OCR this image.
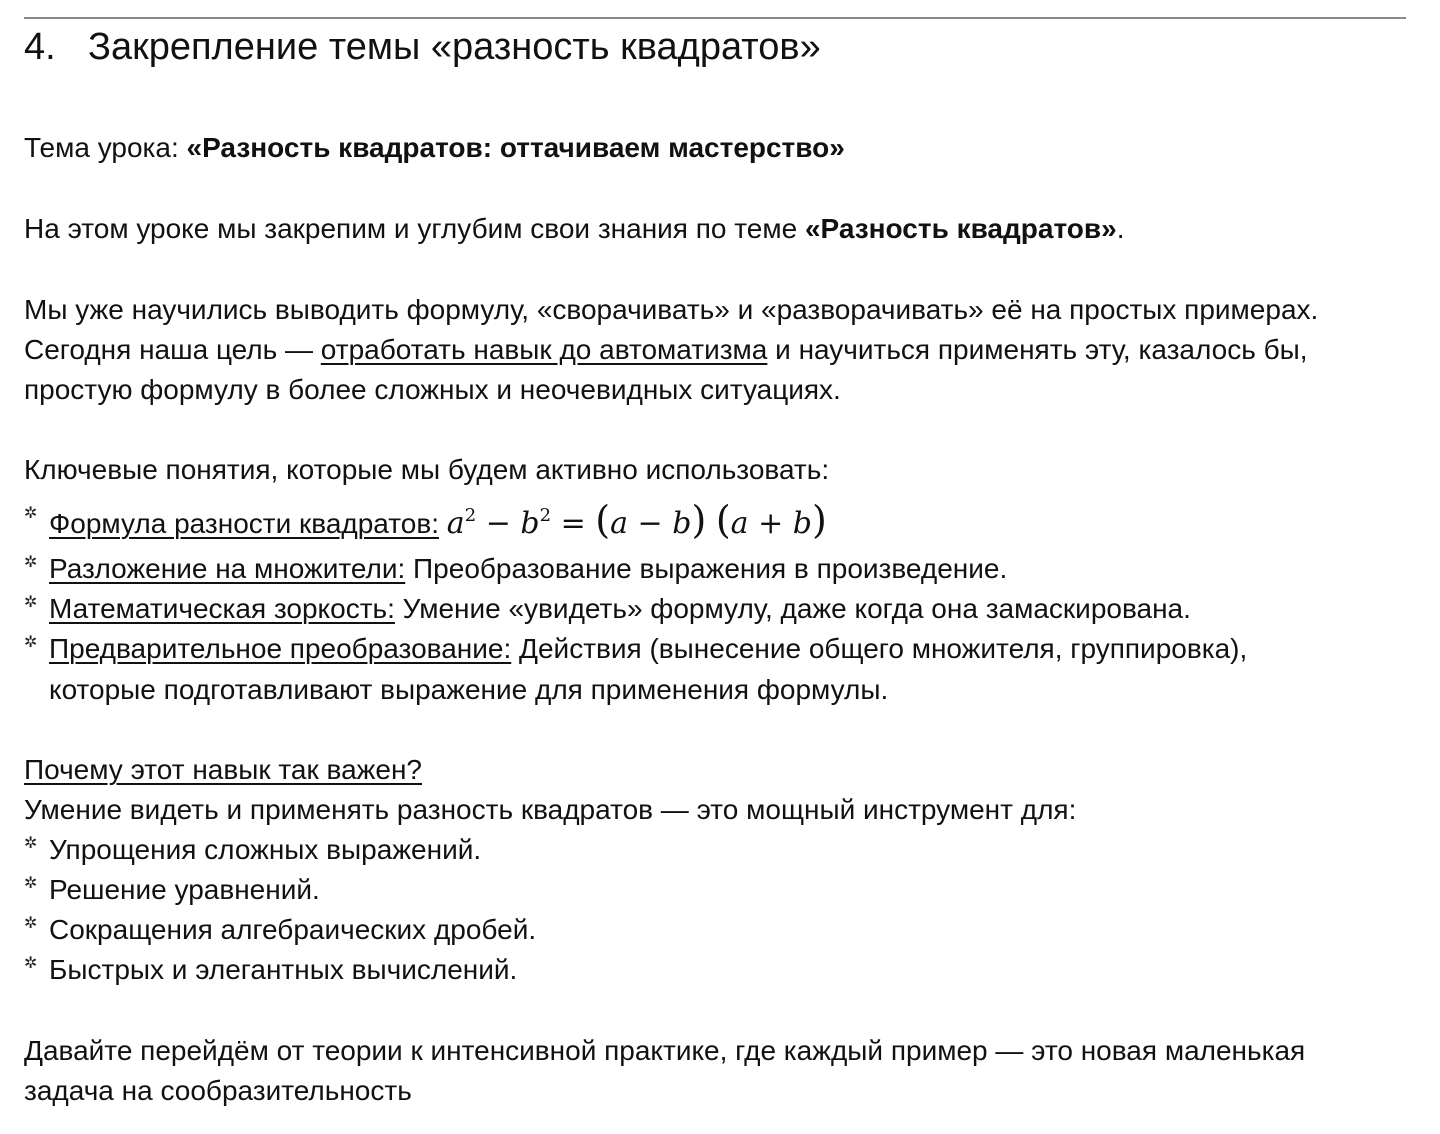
4. Закрепление темы «разность квадратов»
Тема урока: «Разность квадратов: оттачиваем мастерство»
На этом уроке мы закрепим и углубим свои знания по теме «Разность квадратов».
Мы уже научились выводить формулу, «сворачивать» и «разворачивать» её на простых примерах.
Сегодня наша цель — отработать навык до автоматизма и научиться применять эту, казалось бы,
простую формулу в более сложных и неочевидных ситуациях.
Ключевые понятия, которые мы будем активно использовать:
✲ Формула разности квадратов: $a^2 - b^2 = (a - b) (a + b)$
✲ Разложение на множители: Преобразование выражения в произведение.
✲ Математическая зоркость: Умение «увидеть» формулу, даже когда она замаскирована.
✲ Предварительное преобразование: Действия (вынесение общего множителя, группировка),
которые подготавливают выражение для применения формулы.
Почему этот навык так важен?
Умение видеть и применять разность квадратов — это мощный инструмент для:
✲ Упрощения сложных выражений.
✲ Решение уравнений.
✲ Сокращения алгебраических дробей.
✲ Быстрых и элегантных вычислений.
Давайте перейдём от теории к интенсивной практике, где каждый пример — это новая маленькая
задача на сообразительность
